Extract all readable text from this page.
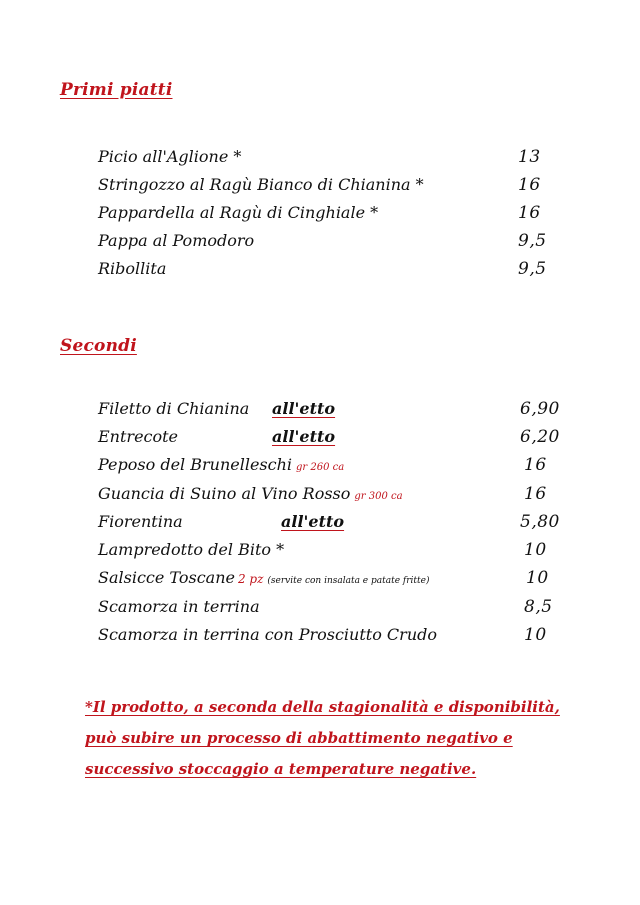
Primi piatti
Picio all'Aglione *	13
Stringozzo al Ragù Bianco di Chianina *	16
Pappardella al Ragù di Cinghiale *	16
Pappa al Pomodoro	9,5
Ribollita	9,5
Secondi
Filetto di Chianina all'etto	6,90
Entrecote	all'etto	6,20
Peposo del Brunelleschi gr 260 ca	16
Guancia di Suino al Vino Rosso gr 300 ca	16
Fiorentina	all'etto	5,80
Lampredotto del Bito *	10
Salsicce Toscane 2 pz (servite con insalata e patate fritte)	10
Scamorza in terrina	8,5
Scamorza in terrina con Prosciutto Crudo	10

*Il prodotto, a seconda della stagionalità e disponibilità, può subire un processo di abbattimento negativo e successivo stoccaggio a temperature negative.
